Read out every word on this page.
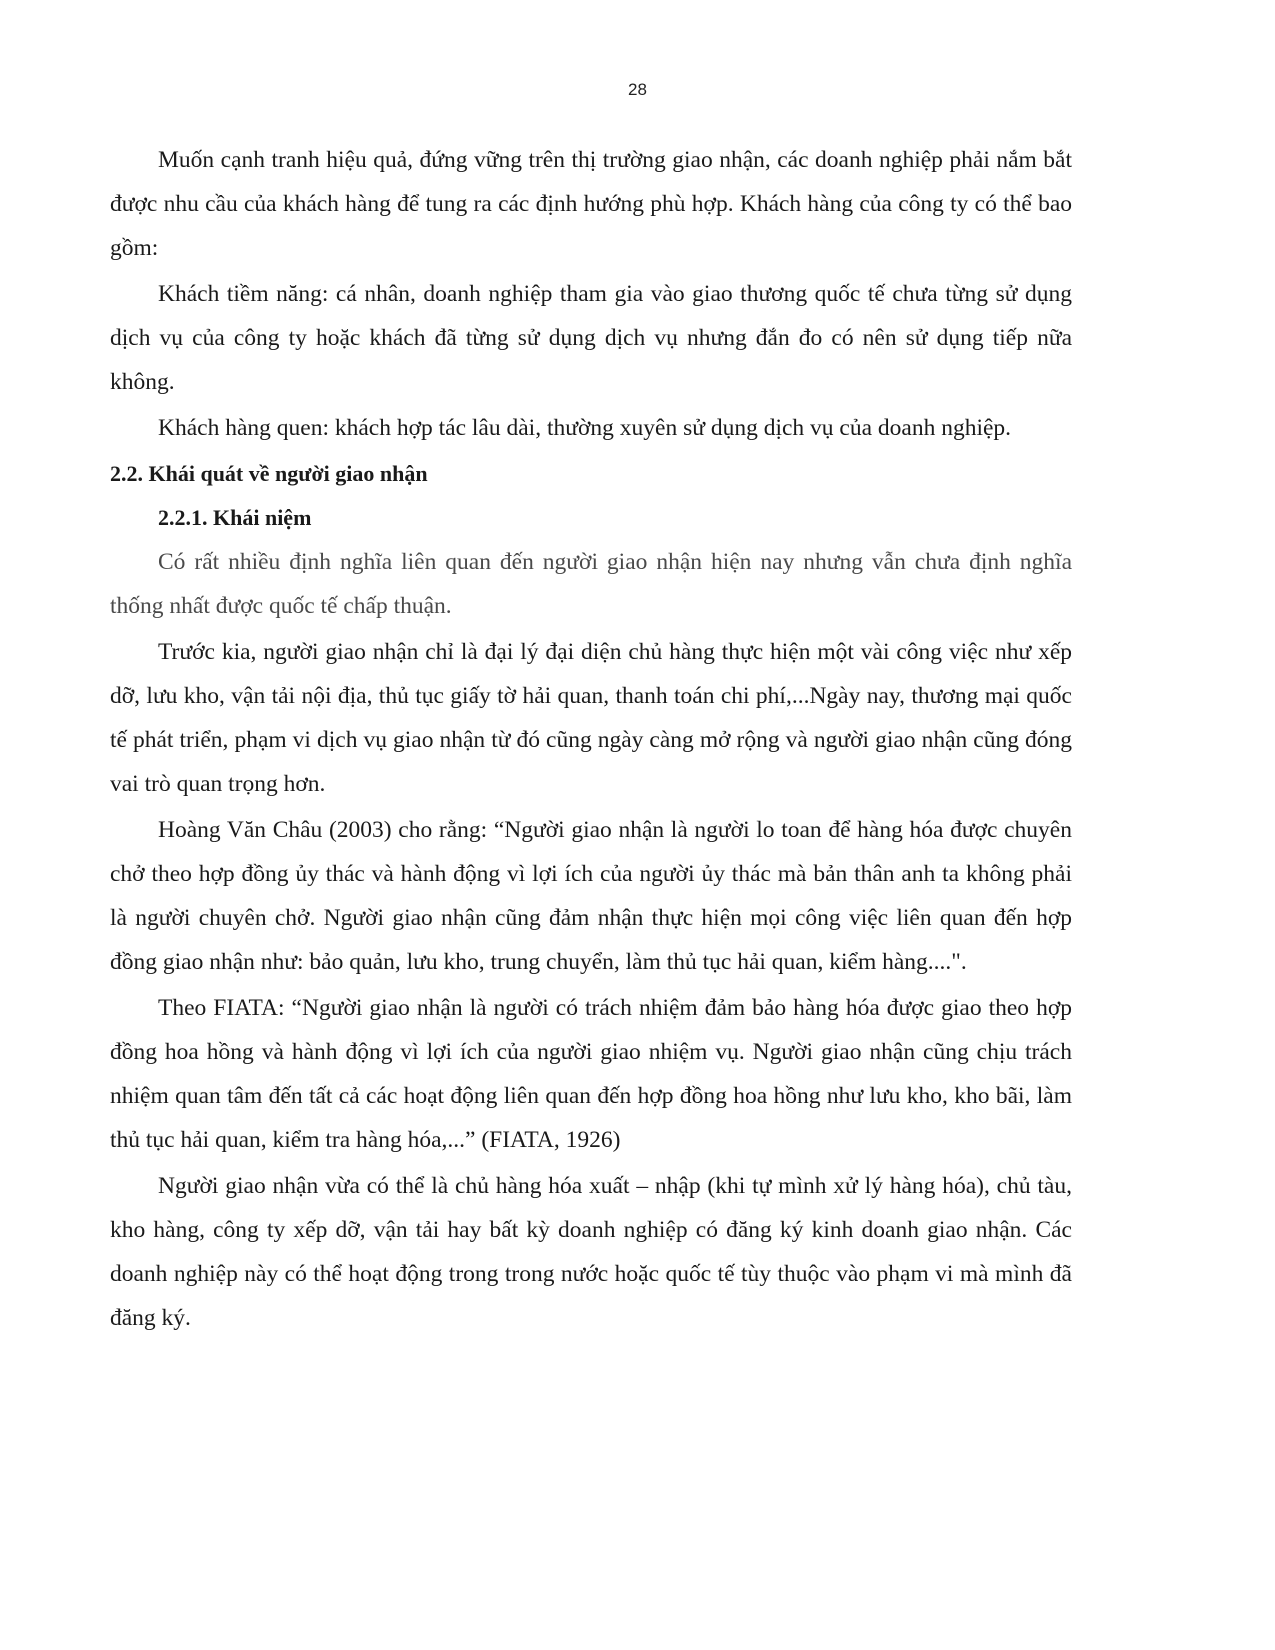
28

Muốn cạnh tranh hiệu quả, đứng vững trên thị trường giao nhận, các doanh nghiệp phải nắm bắt được nhu cầu của khách hàng để tung ra các định hướng phù hợp. Khách hàng của công ty có thể bao gồm:

Khách tiềm năng: cá nhân, doanh nghiệp tham gia vào giao thương quốc tế chưa từng sử dụng dịch vụ của công ty hoặc khách đã từng sử dụng dịch vụ nhưng đắn đo có nên sử dụng tiếp nữa không.

Khách hàng quen: khách hợp tác lâu dài, thường xuyên sử dụng dịch vụ của doanh nghiệp.

2.2. Khái quát về người giao nhận

2.2.1. Khái niệm

Có rất nhiều định nghĩa liên quan đến người giao nhận hiện nay nhưng vẫn chưa định nghĩa thống nhất được quốc tế chấp thuận.

Trước kia, người giao nhận chỉ là đại lý đại diện chủ hàng thực hiện một vài công việc như xếp dỡ, lưu kho, vận tải nội địa, thủ tục giấy tờ hải quan, thanh toán chi phí,...Ngày nay, thương mại quốc tế phát triển, phạm vi dịch vụ giao nhận từ đó cũng ngày càng mở rộng và người giao nhận cũng đóng vai trò quan trọng hơn.

Hoàng Văn Châu (2003) cho rằng: “Người giao nhận là người lo toan để hàng hóa được chuyên chở theo hợp đồng ủy thác và hành động vì lợi ích của người ủy thác mà bản thân anh ta không phải là người chuyên chở. Người giao nhận cũng đảm nhận thực hiện mọi công việc liên quan đến hợp đồng giao nhận như: bảo quản, lưu kho, trung chuyển, làm thủ tục hải quan, kiểm hàng....".

Theo FIATA: “Người giao nhận là người có trách nhiệm đảm bảo hàng hóa được giao theo hợp đồng hoa hồng và hành động vì lợi ích của người giao nhiệm vụ. Người giao nhận cũng chịu trách nhiệm quan tâm đến tất cả các hoạt động liên quan đến hợp đồng hoa hồng như lưu kho, kho bãi, làm thủ tục hải quan, kiểm tra hàng hóa,...” (FIATA, 1926)

Người giao nhận vừa có thể là chủ hàng hóa xuất – nhập (khi tự mình xử lý hàng hóa), chủ tàu, kho hàng, công ty xếp dỡ, vận tải hay bất kỳ doanh nghiệp có đăng ký kinh doanh giao nhận. Các doanh nghiệp này có thể hoạt động trong trong nước hoặc quốc tế tùy thuộc vào phạm vi mà mình đã đăng ký.
